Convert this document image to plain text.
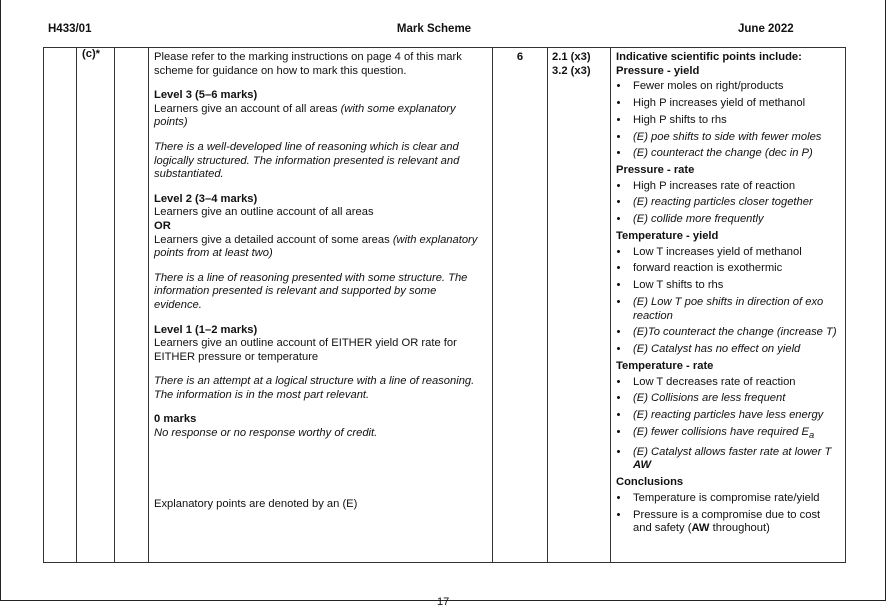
H433/01	Mark Scheme	June 2022
	(c)*		Please refer to the marking instructions on page 4 of this mark scheme for guidance on how to mark this question.
Level 3 (5–6 marks)
Learners give an account of all areas (with some explanatory points)
There is a well-developed line of reasoning which is clear and logically structured. The information presented is relevant and substantiated.
Level 2 (3–4 marks)
Learners give an outline account of all areas
OR
Learners give a detailed account of some areas (with explanatory points from at least two)
There is a line of reasoning presented with some structure. The information presented is relevant and supported by some evidence.
Level 1 (1–2 marks)
Learners give an outline account of EITHER yield OR rate for EITHER pressure or temperature
There is an attempt at a logical structure with a line of reasoning. The information is in the most part relevant.
0 marks
No response or no response worthy of credit.
Explanatory points are denoted by an (E)
	6	2.1 (x3)
3.2 (x3)

Indicative scientific points include:
Pressure - yield
• Fewer moles on right/products
• High P increases yield of methanol
• High P shifts to rhs
• (E) poe shifts to side with fewer moles
• (E) counteract the change (dec in P)
Pressure - rate
• High P increases rate of reaction
• (E) reacting particles closer together
• (E) collide more frequently
Temperature - yield
• Low T increases yield of methanol
• forward reaction is exothermic
• Low T shifts to rhs
• (E) Low T poe shifts in direction of exo reaction
• (E)To counteract the change (increase T)
• (E) Catalyst has no effect on yield
Temperature - rate
• Low T decreases rate of reaction
• (E) Collisions are less frequent
• (E) reacting particles have less energy
• (E) fewer collisions have required $E_a$
• (E) Catalyst allows faster rate at lower T
AW
Conclusions
• Temperature is compromise rate/yield
• Pressure is a compromise due to cost and safety (AW throughout)
17
